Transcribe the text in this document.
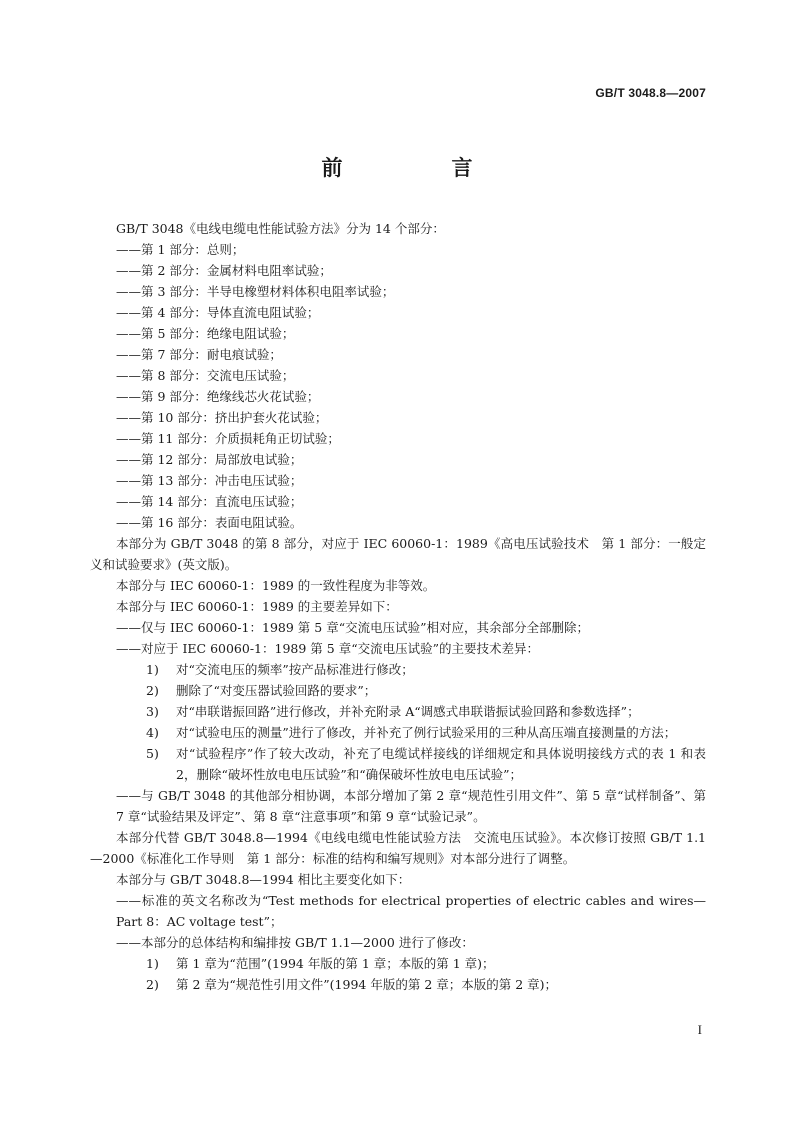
GB/T 3048.8—2007
前　言
GB/T 3048《电线电缆电性能试验方法》分为 14 个部分：
——第 1 部分：总则；
——第 2 部分：金属材料电阻率试验；
——第 3 部分：半导电橡塑材料体积电阻率试验；
——第 4 部分：导体直流电阻试验；
——第 5 部分：绝缘电阻试验；
——第 7 部分：耐电痕试验；
——第 8 部分：交流电压试验；
——第 9 部分：绝缘线芯火花试验；
——第 10 部分：挤出护套火花试验；
——第 11 部分：介质损耗角正切试验；
——第 12 部分：局部放电试验；
——第 13 部分：冲击电压试验；
——第 14 部分：直流电压试验；
——第 16 部分：表面电阻试验。
本部分为 GB/T 3048 的第 8 部分，对应于 IEC 60060-1：1989《高电压试验技术　第 1 部分：一般定义和试验要求》(英文版)。
本部分与 IEC 60060-1：1989 的一致性程度为非等效。
本部分与 IEC 60060-1：1989 的主要差异如下：
——仅与 IEC 60060-1：1989 第 5 章“交流电压试验”相对应，其余部分全部删除；
——对应于 IEC 60060-1：1989 第 5 章“交流电压试验”的主要技术差异：
1)	对“交流电压的频率”按产品标准进行修改；
2)	删除了“对变压器试验回路的要求”；
3)	对“串联谐振回路”进行修改，并补充附录 A“调感式串联谐振试验回路和参数选择”；
4)	对“试验电压的测量”进行了修改，并补充了例行试验采用的三种从高压端直接测量的方法；
5)	对“试验程序”作了较大改动，补充了电缆试样接线的详细规定和具体说明接线方式的表 1 和表 2，删除“破坏性放电电压试验”和“确保破坏性放电电压试验”；
——与 GB/T 3048 的其他部分相协调，本部分增加了第 2 章“规范性引用文件”、第 5 章“试样制备”、第 7 章“试验结果及评定”、第 8 章“注意事项”和第 9 章“试验记录”。
本部分代替 GB/T 3048.8—1994《电线电缆电性能试验方法　交流电压试验》。本次修订按照 GB/T 1.1—2000《标准化工作导则　第 1 部分：标准的结构和编写规则》对本部分进行了调整。
本部分与 GB/T 3048.8—1994 相比主要变化如下：
——标准的英文名称改为“Test methods for electrical properties of electric cables and wires—Part 8：AC voltage test”；
——本部分的总体结构和编排按 GB/T 1.1—2000 进行了修改：
1)	第 1 章为“范围”(1994 年版的第 1 章；本版的第 1 章)；
2)	第 2 章为“规范性引用文件”(1994 年版的第 2 章；本版的第 2 章)；
I
